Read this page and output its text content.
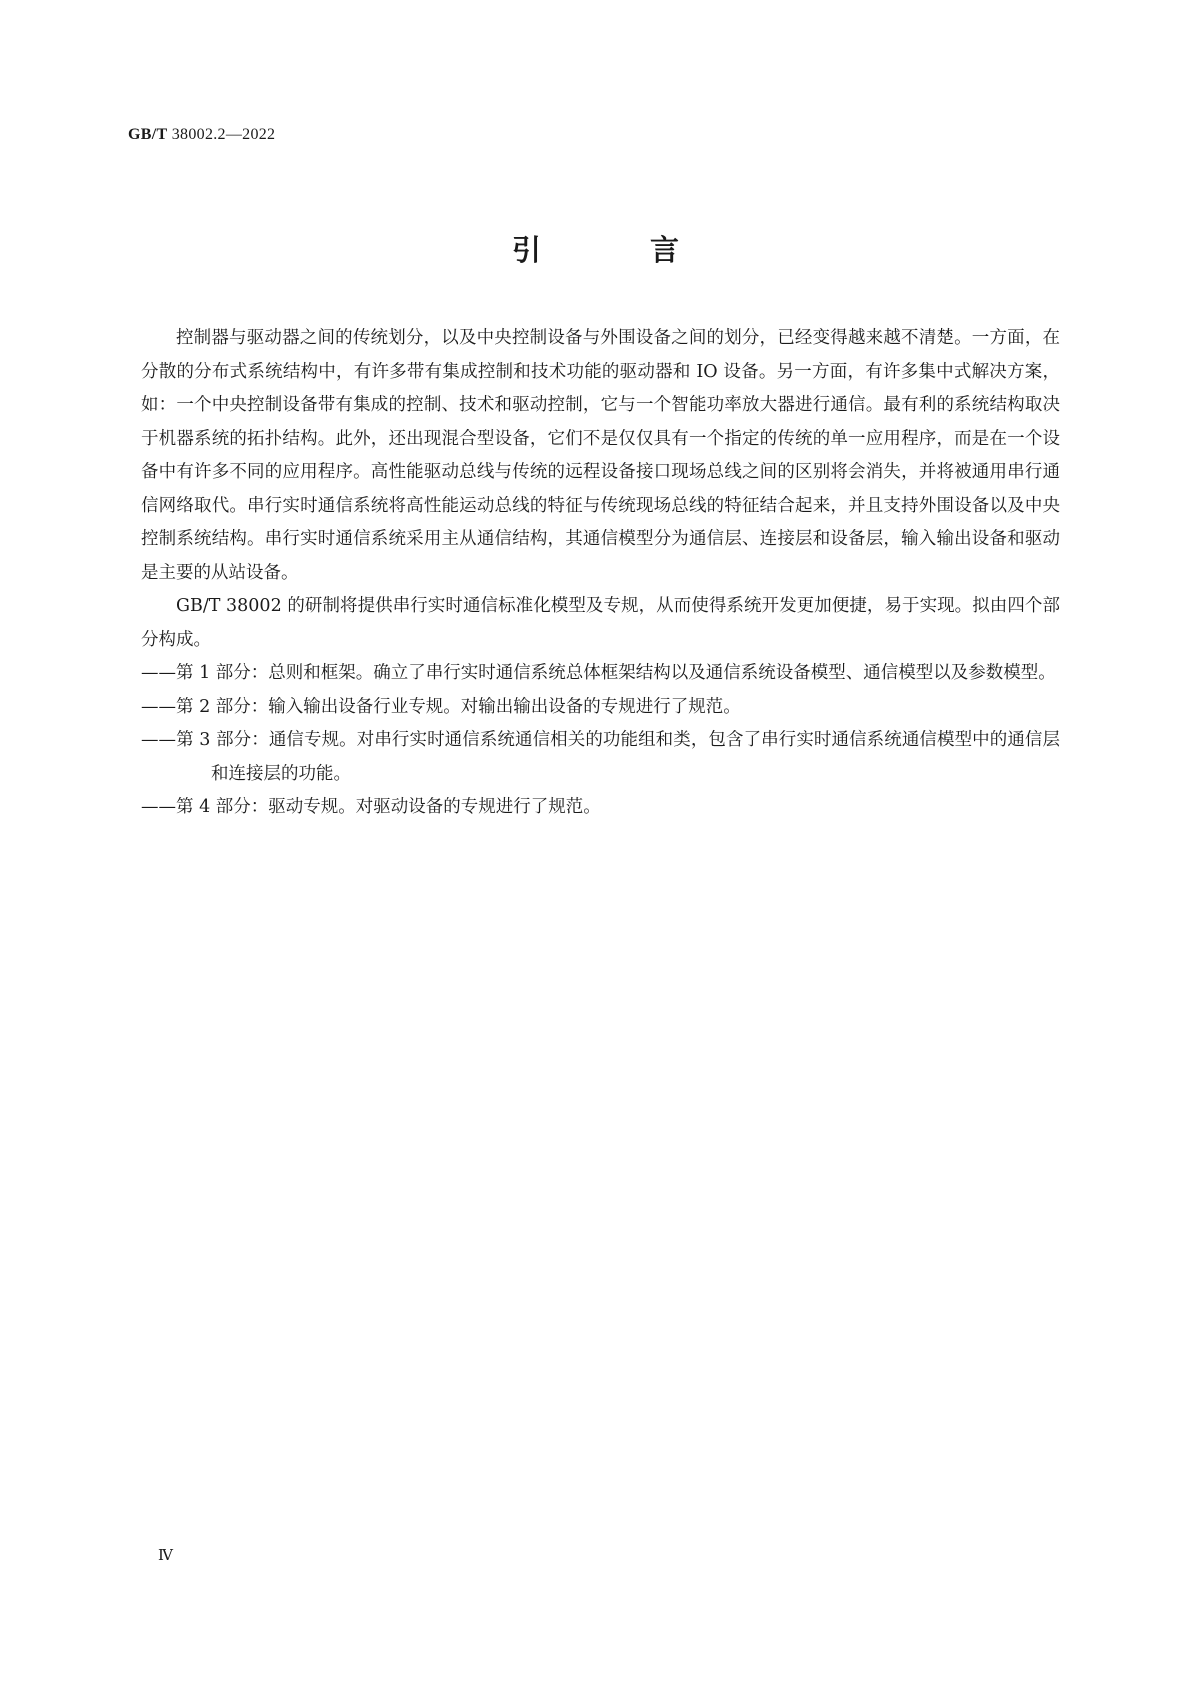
GB/T 38002.2—2022
引　言

控制器与驱动器之间的传统划分，以及中央控制设备与外围设备之间的划分，已经变得越来越不清楚。一方面，在分散的分布式系统结构中，有许多带有集成控制和技术功能的驱动器和 IO 设备。另一方面，有许多集中式解决方案，如：一个中央控制设备带有集成的控制、技术和驱动控制，它与一个智能功率放大器进行通信。最有利的系统结构取决于机器系统的拓扑结构。此外，还出现混合型设备，它们不是仅仅具有一个指定的传统的单一应用程序，而是在一个设备中有许多不同的应用程序。高性能驱动总线与传统的远程设备接口现场总线之间的区别将会消失，并将被通用串行通信网络取代。串行实时通信系统将高性能运动总线的特征与传统现场总线的特征结合起来，并且支持外围设备以及中央控制系统结构。串行实时通信系统采用主从通信结构，其通信模型分为通信层、连接层和设备层，输入输出设备和驱动是主要的从站设备。

GB/T 38002 的研制将提供串行实时通信标准化模型及专规，从而使得系统开发更加便捷，易于实现。拟由四个部分构成。

——第 1 部分：总则和框架。确立了串行实时通信系统总体框架结构以及通信系统设备模型、通信模型以及参数模型。

——第 2 部分：输入输出设备行业专规。对输出输出设备的专规进行了规范。

——第 3 部分：通信专规。对串行实时通信系统通信相关的功能组和类，包含了串行实时通信系统通信模型中的通信层和连接层的功能。

——第 4 部分：驱动专规。对驱动设备的专规进行了规范。

Ⅳ
